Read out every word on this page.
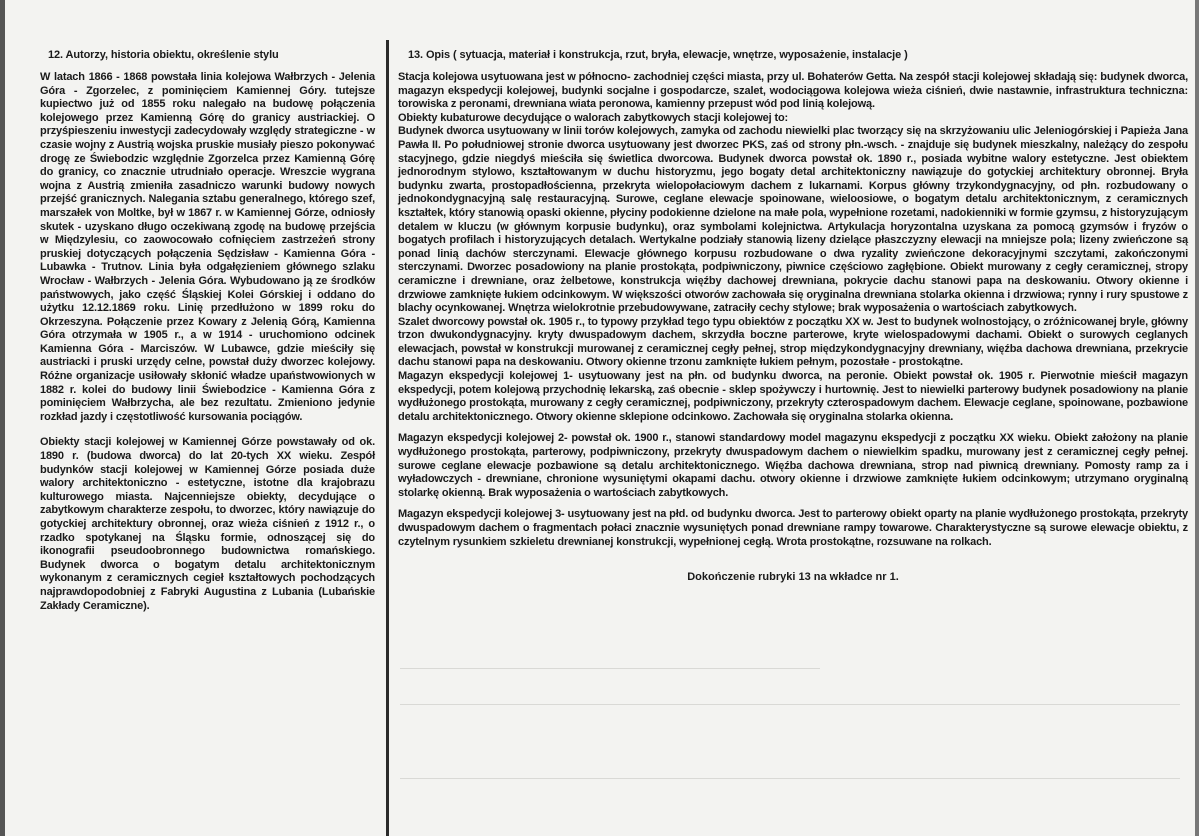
12. Autorzy, historia obiektu, określenie stylu

W latach 1866 - 1868 powstała linia kolejowa Wałbrzych - Jelenia Góra - Zgorzelec, z pominięciem Kamiennej Góry. tutejsze kupiectwo już od 1855 roku nalegało na budowę połączenia kolejowego przez Kamienną Górę do granicy austriackiej. O przyśpieszeniu inwestycji zadecydowały względy strategiczne - w czasie wojny z Austrią wojska pruskie musiały pieszo pokonywać drogę ze Świebodzic względnie Zgorzelca przez Kamienną Górę do granicy, co znacznie utrudniało operacje. Wreszcie wygrana wojna z Austrią zmieniła zasadniczo warunki budowy nowych przejść granicznych. Nalegania sztabu generalnego, którego szef, marszałek von Moltke, był w 1867 r. w Kamiennej Górze, odniosły skutek - uzyskano długo oczekiwaną zgodę na budowę przejścia w Międzylesiu, co zaowocowało cofnięciem zastrzeżeń strony pruskiej dotyczących połączenia Sędzisław - Kamienna Góra - Lubawka - Trutnov. Linia była odgałęzieniem głównego szlaku Wrocław - Wałbrzych - Jelenia Góra. Wybudowano ją ze środków państwowych, jako część Śląskiej Kolei Górskiej i oddano do użytku 12.12.1869 roku. Linię przedłużono w 1899 roku do Okrzeszyna. Połączenie przez Kowary z Jelenią Górą, Kamienna Góra otrzymała w 1905 r., a w 1914 - uruchomiono odcinek Kamienna Góra - Marciszów. W Lubawce, gdzie mieściły się austriacki i pruski urzędy celne, powstał duży dworzec kolejowy. Różne organizacje usiłowały skłonić władze upaństwowionych w 1882 r. kolei do budowy linii Świebodzice - Kamienna Góra z pominięciem Wałbrzycha, ale bez rezultatu. Zmieniono jedynie rozkład jazdy i częstotliwość kursowania pociągów.

Obiekty stacji kolejowej w Kamiennej Górze powstawały od ok. 1890 r. (budowa dworca) do lat 20-tych XX wieku. Zespół budynków stacji kolejowej w Kamiennej Górze posiada duże walory architektoniczno - estetyczne, istotne dla krajobrazu kulturowego miasta. Najcenniejsze obiekty, decydujące o zabytkowym charakterze zespołu, to dworzec, który nawiązuje do gotyckiej architektury obronnej, oraz wieża ciśnień z 1912 r., o rzadko spotykanej na Śląsku formie, odnoszącej się do ikonografii pseudoobronnego budownictwa romańskiego. Budynek dworca o bogatym detalu architektonicznym wykonanym z ceramicznych cegieł kształtowych pochodzących najprawdopodobniej z Fabryki Augustina z Lubania (Lubańskie Zakłady Ceramiczne).

13. Opis ( sytuacja, materiał i konstrukcja, rzut, bryła, elewacje, wnętrze, wyposażenie, instalacje )

Stacja kolejowa usytuowana jest w północno- zachodniej części miasta, przy ul. Bohaterów Getta. Na zespół stacji kolejowej składają się: budynek dworca, magazyn ekspedycji kolejowej, budynki socjalne i gospodarcze, szalet, wodociągowa kolejowa wieża ciśnień, dwie nastawnie, infrastruktura techniczna: torowiska z peronami, drewniana wiata peronowa, kamienny przepust wód pod linią kolejową.

Obiekty kubaturowe decydujące o walorach zabytkowych stacji kolejowej to:

Budynek dworca usytuowany w linii torów kolejowych, zamyka od zachodu niewielki plac tworzący się na skrzyżowaniu ulic Jeleniogórskiej i Papieża Jana Pawła II. Po południowej stronie dworca usytuowany jest dworzec PKS, zaś od strony płn.-wsch. - znajduje się budynek mieszkalny, należący do zespołu stacyjnego, gdzie niegdyś mieściła się świetlica dworcowa. Budynek dworca powstał ok. 1890 r., posiada wybitne walory estetyczne. Jest obiektem jednorodnym stylowo, kształtowanym w duchu historyzmu, jego bogaty detal architektoniczny nawiązuje do gotyckiej architektury obronnej. Bryła budynku zwarta, prostopadłościenna, przekryta wielopołaciowym dachem z lukarnami. Korpus główny trzykondygnacyjny, od płn. rozbudowany o jednokondygnacyjną salę restauracyjną. Surowe, ceglane elewacje spoinowane, wieloosiowe, o bogatym detalu architektonicznym, z ceramicznych kształtek, który stanowią opaski okienne, płyciny podokienne dzielone na małe pola, wypełnione rozetami, nadokienniki w formie gzymsu, z historyzującym detalem w kluczu (w głównym korpusie budynku), oraz symbolami kolejnictwa. Artykulacja horyzontalna uzyskana za pomocą gzymsów i fryzów o bogatych profilach i historyzujących detalach. Wertykalne podziały stanowią lizeny dzielące płaszczyzny elewacji na mniejsze pola; lizeny zwieńczone są ponad linią dachów sterczynami. Elewacje głównego korpusu rozbudowane o dwa ryzality zwieńczone dekoracyjnymi szczytami, zakończonymi sterczynami. Dworzec posadowiony na planie prostokąta, podpiwniczony, piwnice częściowo zagłębione. Obiekt murowany z cegły ceramicznej, stropy ceramiczne i drewniane, oraz żelbetowe, konstrukcja więźby dachowej drewniana, pokrycie dachu stanowi papa na deskowaniu. Otwory okienne i drzwiowe zamknięte łukiem odcinkowym. W większości otworów zachowała się oryginalna drewniana stolarka okienna i drzwiowa; rynny i rury spustowe z blachy ocynkowanej. Wnętrza wielokrotnie przebudowywane, zatraciły cechy stylowe; brak wyposażenia o wartościach zabytkowych.

Szalet dworcowy powstał ok. 1905 r., to typowy przykład tego typu obiektów z początku XX w. Jest to budynek wolnostojący, o zróżnicowanej bryle, główny trzon dwukondygnacyjny. kryty dwuspadowym dachem, skrzydła boczne parterowe, kryte wielospadowymi dachami. Obiekt o surowych ceglanych elewacjach, powstał w konstrukcji murowanej z ceramicznej cegły pełnej, strop międzykondygnacyjny drewniany, więźba dachowa drewniana, przekrycie dachu stanowi papa na deskowaniu. Otwory okienne trzonu zamknięte łukiem pełnym, pozostałe - prostokątne.

Magazyn ekspedycji kolejowej 1- usytuowany jest na płn. od budynku dworca, na peronie. Obiekt powstał ok. 1905 r. Pierwotnie mieścił magazyn ekspedycji, potem kolejową przychodnię lekarską, zaś obecnie - sklep spożywczy i hurtownię. Jest to niewielki parterowy budynek posadowiony na planie wydłużonego prostokąta, murowany z cegły ceramicznej, podpiwniczony, przekryty czterospadowym dachem. Elewacje ceglane, spoinowane, pozbawione detalu architektonicznego. Otwory okienne sklepione odcinkowo. Zachowała się oryginalna stolarka okienna.

Magazyn ekspedycji kolejowej 2- powstał ok. 1900 r., stanowi standardowy model magazynu ekspedycji z początku XX wieku. Obiekt założony na planie wydłużonego prostokąta, parterowy, podpiwniczony, przekryty dwuspadowym dachem o niewielkim spadku, murowany jest z ceramicznej cegły pełnej. surowe ceglane elewacje pozbawione są detalu architektonicznego. Więźba dachowa drewniana, strop nad piwnicą drewniany. Pomosty ramp za i wyładowczych - drewniane, chronione wysuniętymi okapami dachu. otwory okienne i drzwiowe zamknięte łukiem odcinkowym; utrzymano oryginalną stolarkę okienną. Brak wyposażenia o wartościach zabytkowych.

Magazyn ekspedycji kolejowej 3- usytuowany jest na płd. od budynku dworca. Jest to parterowy obiekt oparty na planie wydłużonego prostokąta, przekryty dwuspadowym dachem o fragmentach połaci znacznie wysuniętych ponad drewniane rampy towarowe. Charakterystyczne są surowe elewacje obiektu, z czytelnym rysunkiem szkieletu drewnianej konstrukcji, wypełnionej cegłą. Wrota prostokątne, rozsuwane na rolkach.

Dokończenie rubryki 13 na wkładce nr 1.
